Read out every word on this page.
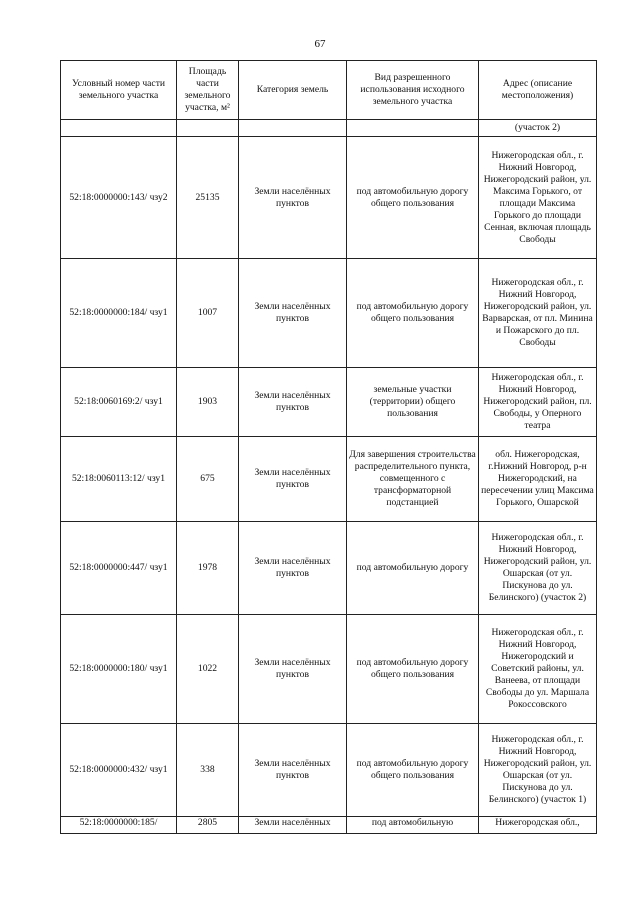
67
Условный номер части земельного участка	Площадь части земельного участка, м²	Категория земель	Вид разрешенного использования исходного земельного участка	Адрес (описание местоположения)
				(участок 2)
52:18:0000000:143/ чзу2	25135	Земли населённых пунктов	под автомобильную дорогу общего пользования	Нижегородская обл., г. Нижний Новгород, Нижегородский район, ул. Максима Горького, от площади Максима Горького до площади Сенная, включая площадь Свободы
52:18:0000000:184/ чзу1	1007	Земли населённых пунктов	под автомобильную дорогу общего пользования	Нижегородская обл., г. Нижний Новгород, Нижегородский район, ул. Варварская, от пл. Минина и Пожарского до пл. Свободы
52:18:0060169:2/ чзу1	1903	Земли населённых пунктов	земельные участки (территории) общего пользования	Нижегородская обл., г. Нижний Новгород, Нижегородский район, пл. Свободы, у Оперного театра
52:18:0060113:12/ чзу1	675	Земли населённых пунктов	Для завершения строительства распределительного пункта, совмещенного с трансформаторной подстанцией	обл. Нижегородская, г.Нижний Новгород, р-н Нижегородский, на пересечении улиц Максима Горького, Ошарской
52:18:0000000:447/ чзу1	1978	Земли населённых пунктов	под автомобильную дорогу	Нижегородская обл., г. Нижний Новгород, Нижегородский район, ул. Ошарская (от ул. Пискунова до ул. Белинского) (участок 2)
52:18:0000000:180/ чзу1	1022	Земли населённых пунктов	под автомобильную дорогу общего пользования	Нижегородская обл., г. Нижний Новгород, Нижегородский и Советский районы, ул. Ванеева, от площади Свободы до ул. Маршала Рокоссовского
52:18:0000000:432/ чзу1	338	Земли населённых пунктов	под автомобильную дорогу общего пользования	Нижегородская обл., г. Нижний Новгород, Нижегородский район, ул. Ошарская (от ул. Пискунова до ул. Белинского) (участок 1)
52:18:0000000:185/	2805	Земли населённых	под автомобильную	Нижегородская обл.,
